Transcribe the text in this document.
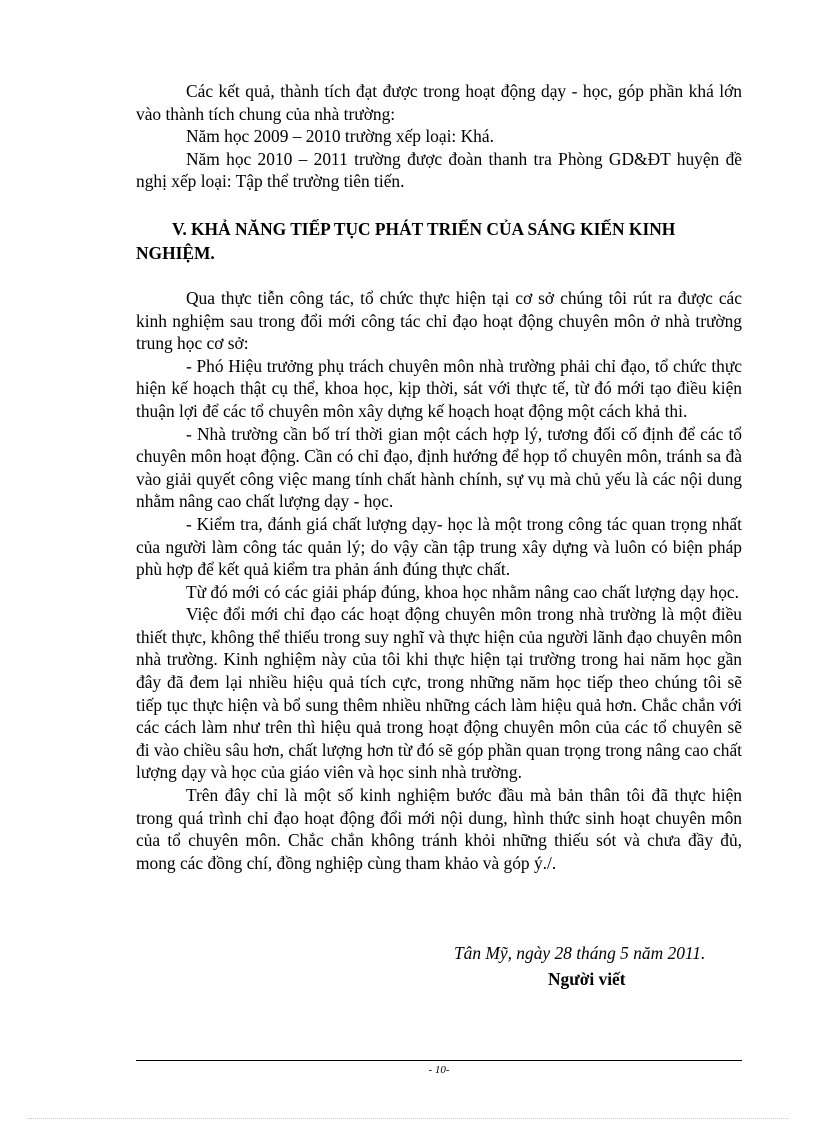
Các kết quả, thành tích đạt được trong hoạt động dạy - học, góp phần khá lớn vào thành tích chung của nhà trường:

Năm học 2009 – 2010 trường xếp loại: Khá.

Năm học 2010 – 2011 trường được đoàn thanh tra Phòng GD&ĐT huyện đề nghị xếp loại: Tập thể trường tiên tiến.

V. KHẢ NĂNG TIẾP TỤC PHÁT TRIỂN CỦA SÁNG KIẾN KINH NGHIỆM.

Qua thực tiễn công tác, tổ chức thực hiện tại cơ sở chúng tôi rút ra được các kinh nghiệm sau trong đổi mới công tác chỉ đạo hoạt động chuyên môn ở nhà trường trung học cơ sở:

- Phó Hiệu trưởng phụ trách chuyên môn nhà trường phải chỉ đạo, tổ chức thực hiện kế hoạch thật cụ thể, khoa học, kịp thời, sát với thực tế, từ đó mới tạo điều kiện thuận lợi để các tổ chuyên môn xây dựng kế hoạch hoạt động một cách khả thi.

- Nhà trường cần bố trí thời gian một cách hợp lý, tương đối cố định để các tổ chuyên môn hoạt động. Cần có chỉ đạo, định hướng để họp tổ chuyên môn, tránh sa đà vào giải quyết công việc mang tính chất hành chính, sự vụ mà chủ yếu là các nội dung nhằm nâng cao chất lượng dạy - học.

- Kiểm tra, đánh giá chất lượng dạy- học là một trong công tác quan trọng nhất của người làm công tác quản lý; do vậy cần tập trung xây dựng và luôn có biện pháp phù hợp để kết quả kiểm tra phản ánh đúng thực chất.

Từ đó mới có các giải pháp đúng, khoa học nhằm nâng cao chất lượng dạy học.

Việc đổi mới chỉ đạo các hoạt động chuyên môn trong nhà trường là một điều thiết thực, không thể thiếu trong suy nghĩ và thực hiện của người lãnh đạo chuyên môn nhà trường. Kinh nghiệm này của tôi khi thực hiện tại trường trong hai năm học gần đây đã đem lại nhiều hiệu quả tích cực, trong những năm học tiếp theo chúng tôi sẽ tiếp tục thực hiện và bổ sung thêm nhiều những cách làm hiệu quả hơn. Chắc chắn với các cách làm như trên thì hiệu quả trong hoạt động chuyên môn của các tổ chuyên sẽ đi vào chiều sâu hơn, chất lượng hơn từ đó sẽ góp phần quan trọng trong nâng cao chất lượng dạy và học của giáo viên và học sinh nhà trường.

Trên đây chỉ là một số kinh nghiệm bước đầu mà bản thân tôi đã thực hiện trong quá trình chỉ đạo hoạt động đổi mới nội dung, hình thức sinh hoạt chuyên môn của tổ chuyên môn. Chắc chắn không tránh khỏi những thiếu sót và chưa đầy đủ, mong các đồng chí, đồng nghiệp cùng tham khảo và góp ý./.

Tân Mỹ, ngày 28 tháng 5 năm 2011.
Người viết
- 10-
